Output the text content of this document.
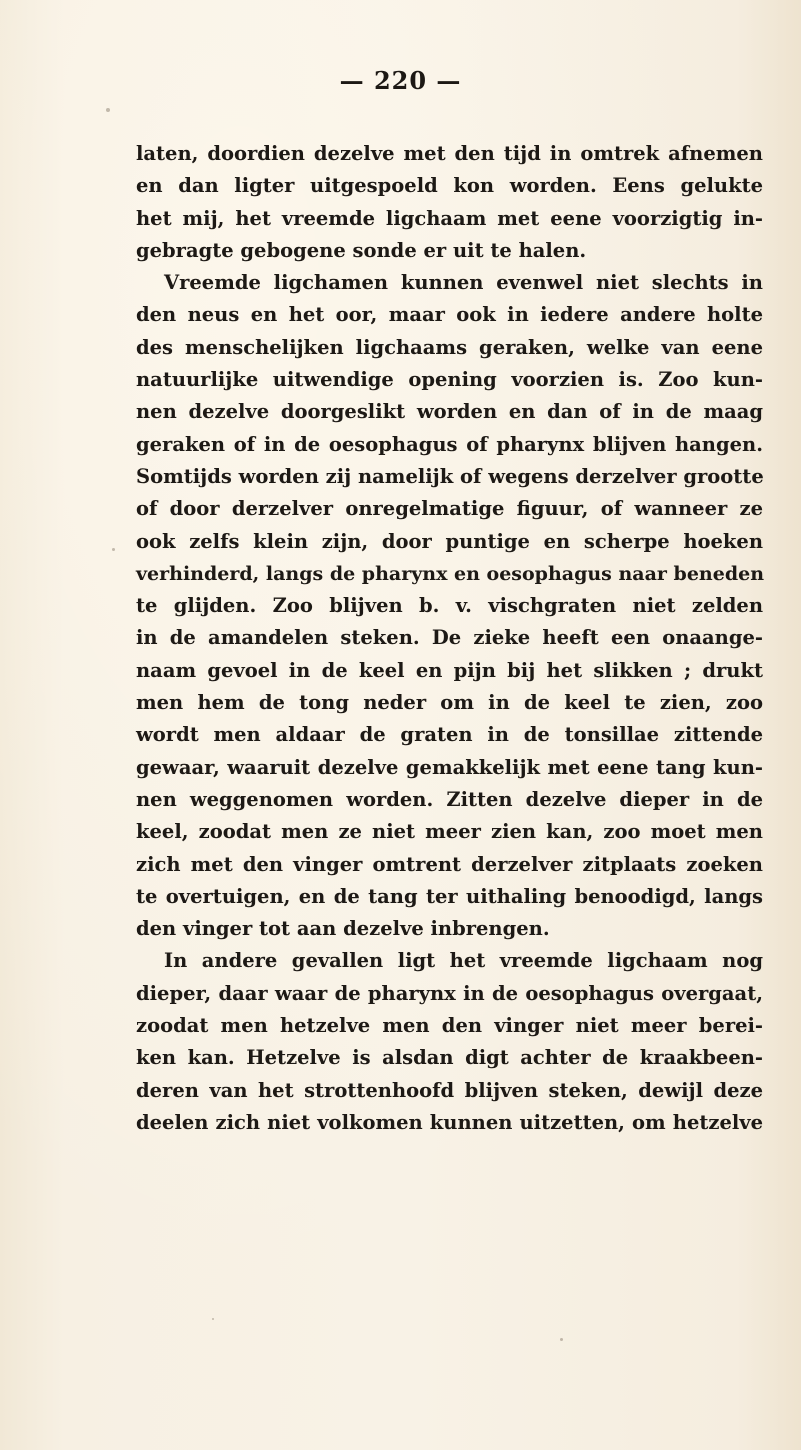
— 220 —
laten, doordien dezelve met den tijd in omtrek afnemen
en dan ligter uitgespoeld kon worden. Eens gelukte
het mij, het vreemde ligchaam met eene voorzigtig in-
gebragte gebogene sonde er uit te halen.
Vreemde ligchamen kunnen evenwel niet slechts in
den neus en het oor, maar ook in iedere andere holte
des menschelijken ligchaams geraken, welke van eene
natuurlijke uitwendige opening voorzien is. Zoo kun-
nen dezelve doorgeslikt worden en dan of in de maag
geraken of in de oesophagus of pharynx blijven hangen.
Somtijds worden zij namelijk of wegens derzelver grootte
of door derzelver onregelmatige figuur, of wanneer ze
ook zelfs klein zijn, door puntige en scherpe hoeken
verhinderd, langs de pharynx en oesophagus naar beneden
te glijden. Zoo blijven b. v. vischgraten niet zelden
in de amandelen steken. De zieke heeft een onaange-
naam gevoel in de keel en pijn bij het slikken ; drukt
men hem de tong neder om in de keel te zien, zoo
wordt men aldaar de graten in de tonsillae zittende
gewaar, waaruit dezelve gemakkelijk met eene tang kun-
nen weggenomen worden. Zitten dezelve dieper in de
keel, zoodat men ze niet meer zien kan, zoo moet men
zich met den vinger omtrent derzelver zitplaats zoeken
te overtuigen, en de tang ter uithaling benoodigd, langs
den vinger tot aan dezelve inbrengen.
In andere gevallen ligt het vreemde ligchaam nog
dieper, daar waar de pharynx in de oesophagus overgaat,
zoodat men hetzelve men den vinger niet meer berei-
ken kan. Hetzelve is alsdan digt achter de kraakbeen-
deren van het strottenhoofd blijven steken, dewijl deze
deelen zich niet volkomen kunnen uitzetten, om hetzelve
